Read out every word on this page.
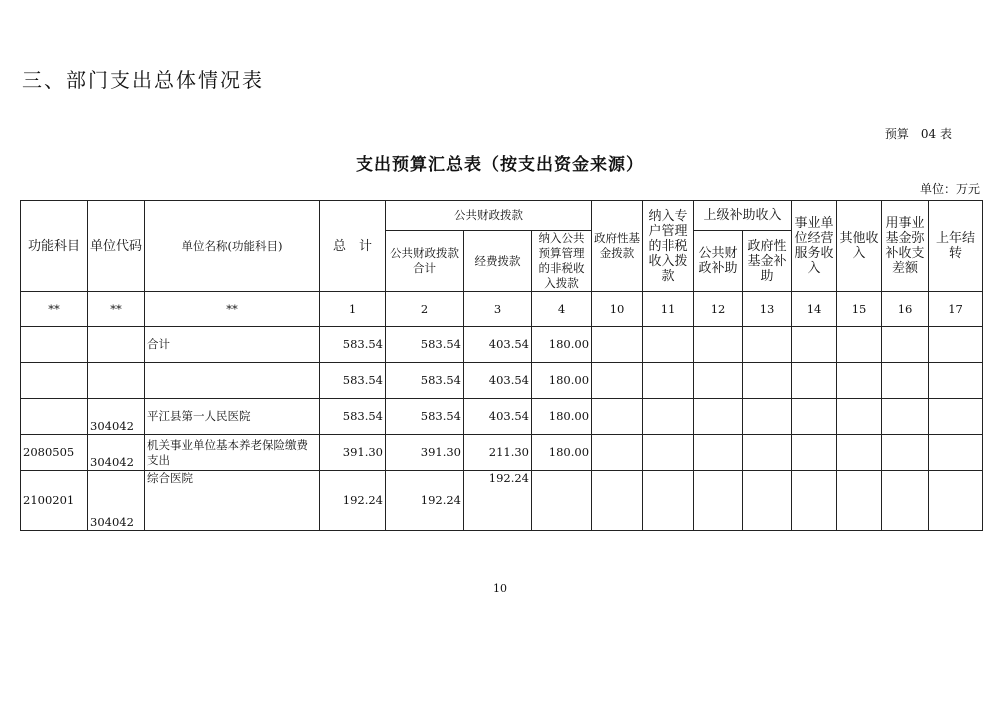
三、部门支出总体情况表
预算　04 表
支出预算汇总表（按支出资金来源）
单位：万元
功能科目	单位代码	单位名称(功能科目)	总　计	公共财政拨款			政府性基金拨款	纳入专户管理的非税收入拨款	上级补助收入		事业单位经营服务收入	其他收入	用事业基金弥补收支差额	上年结转
				公共财政拨款合计	经费拨款	纳入公共预算管理的非税收入拨款								
									公共财政补助	政府性基金补助				
**	**	**	1	2	3	4	10	11	12	13	14	15	16	17
		合计	583.54	583.54	403.54	180.00								
			583.54	583.54	403.54	180.00								
	304042	平江县第一人民医院	583.54	583.54	403.54	180.00								
2080505	304042	机关事业单位基本养老保险缴费支出	391.30	391.30	211.30	180.00								
2100201	304042	综合医院	192.24	192.24	192.24									
10
